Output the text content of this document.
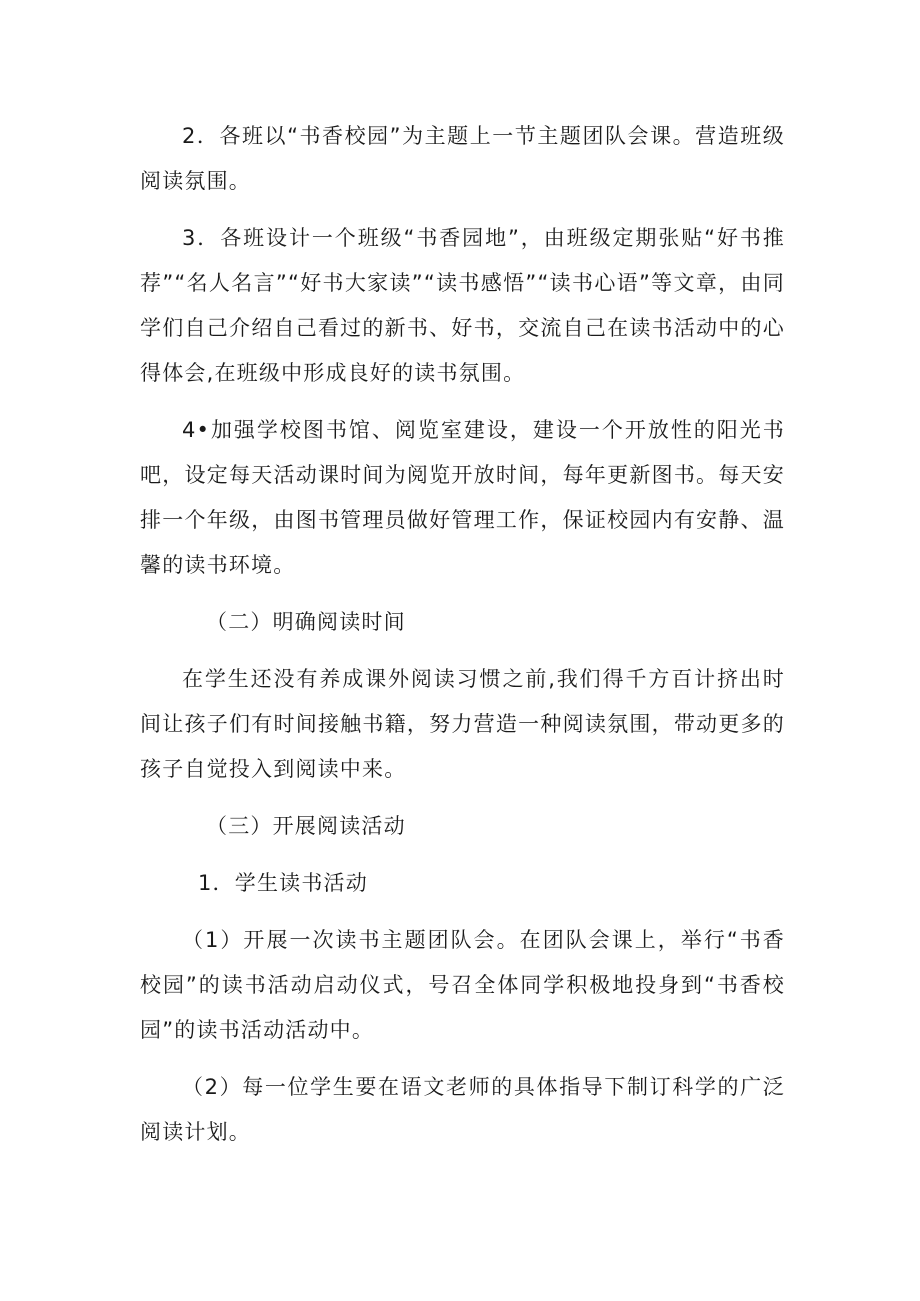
2．各班以“书香校园”为主题上一节主题团队会课。营造班级阅读氛围。

3．各班设计一个班级“书香园地”，由班级定期张贴“好书推荐”“名人名言”“好书大家读”“读书感悟”“读书心语”等文章，由同学们自己介绍自己看过的新书、好书，交流自己在读书活动中的心得体会,在班级中形成良好的读书氛围。

4•加强学校图书馆、阅览室建设，建设一个开放性的阳光书吧，设定每天活动课时间为阅览开放时间，每年更新图书。每天安排一个年级，由图书管理员做好管理工作，保证校园内有安静、温馨的读书环境。

（二）明确阅读时间

在学生还没有养成课外阅读习惯之前,我们得千方百计挤出时间让孩子们有时间接触书籍，努力营造一种阅读氛围，带动更多的孩子自觉投入到阅读中来。

（三）开展阅读活动

1．学生读书活动

（1）开展一次读书主题团队会。在团队会课上，举行“书香校园”的读书活动启动仪式，号召全体同学积极地投身到“书香校园”的读书活动活动中。

（2）每一位学生要在语文老师的具体指导下制订科学的广泛阅读计划。
